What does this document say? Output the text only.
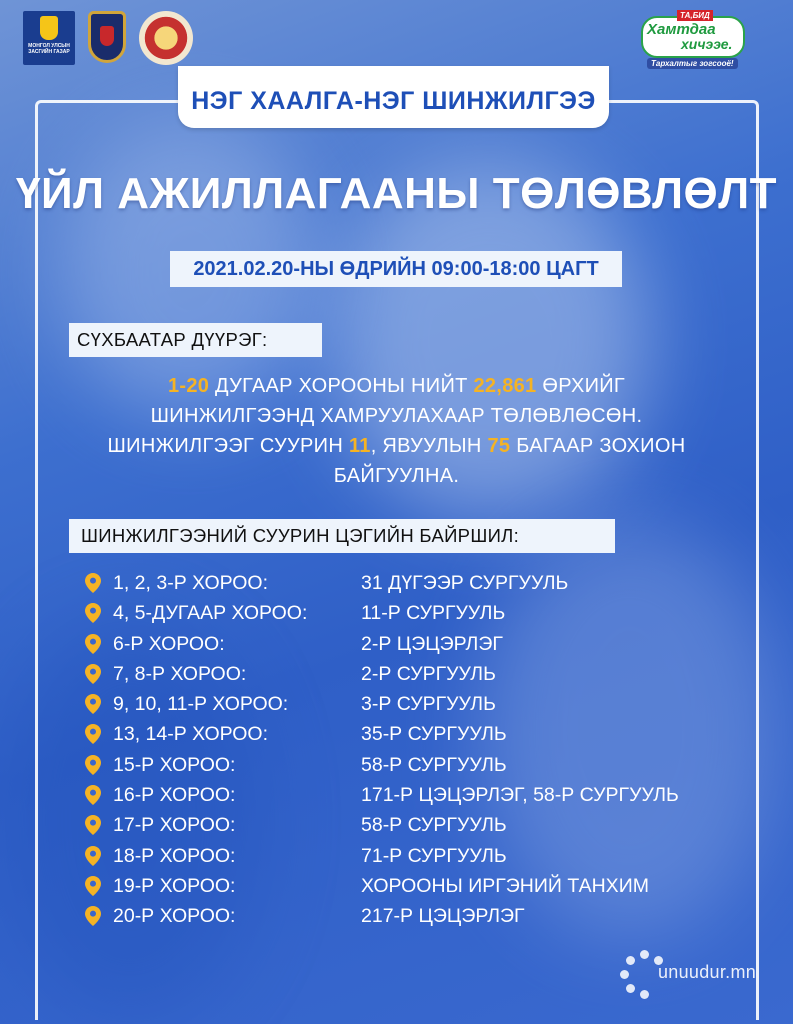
МОНГОЛ УЛСЫН ЗАСГИЙН ГАЗАР
ТА,БИД
Хамтдаа
хичээе.
Тархалтыг зогсооё!
НЭГ ХААЛГА-НЭГ ШИНЖИЛГЭЭ
ҮЙЛ АЖИЛЛАГААНЫ ТӨЛӨВЛӨЛТ
2021.02.20-НЫ ӨДРИЙН 09:00-18:00 ЦАГТ
СҮХБААТАР ДҮҮРЭГ:
1-20 ДУГААР ХОРООНЫ НИЙТ 22,861 ӨРХИЙГ ШИНЖИЛГЭЭНД ХАМРУУЛАХААР ТӨЛӨВЛӨСӨН. ШИНЖИЛГЭЭГ СУУРИН 11, ЯВУУЛЫН 75 БАГААР ЗОХИОН БАЙГУУЛНА.
ШИНЖИЛГЭЭНИЙ СУУРИН ЦЭГИЙН БАЙРШИЛ:
1, 2, 3-Р ХОРОО:	31 ДҮГЭЭР СУРГУУЛЬ
4, 5-ДУГААР ХОРОО:	11-Р СУРГУУЛЬ
6-Р ХОРОО:	2-Р ЦЭЦЭРЛЭГ
7, 8-Р ХОРОО:	2-Р СУРГУУЛЬ
9, 10, 11-Р ХОРОО:	3-Р СУРГУУЛЬ
13, 14-Р ХОРОО:	35-Р СУРГУУЛЬ
15-Р ХОРОО:	58-Р СУРГУУЛЬ
16-Р ХОРОО:	171-Р ЦЭЦЭРЛЭГ, 58-Р СУРГУУЛЬ
17-Р ХОРОО:	58-Р СУРГУУЛЬ
18-Р ХОРОО:	71-Р СУРГУУЛЬ
19-Р ХОРОО:	ХОРООНЫ ИРГЭНИЙ ТАНХИМ
20-Р ХОРОО:	217-Р ЦЭЦЭРЛЭГ
unuudur.mn
